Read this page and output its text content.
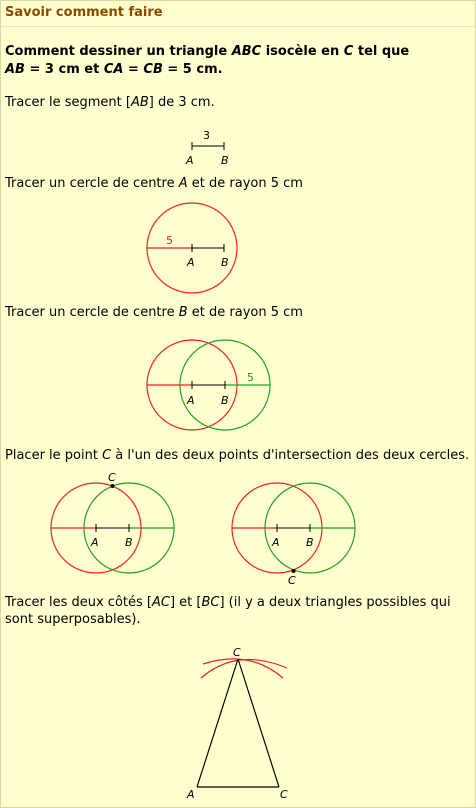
Savoir comment faire
Comment dessiner un triangle ABC isocèle en C tel que
AB = 3 cm et CA = CB = 5 cm.
Tracer le segment [AB] de 3 cm.
3
A B
Tracer un cercle de centre A et de rayon 5 cm
5
A B
Tracer un cercle de centre B et de rayon 5 cm
5
A B
Placer le point C à l'un des deux points d'intersection des deux cercles.
C
A B
C
A B
Tracer les deux côtés [AC] et [BC] (il y a deux triangles possibles qui
sont superposables).
C
A	C
